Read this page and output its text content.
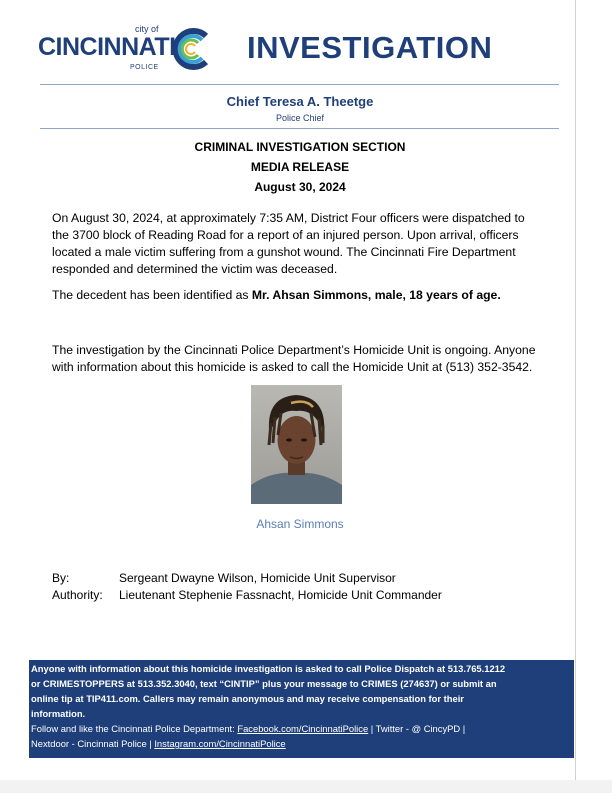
city of
CINCINNATI
POLICE
INVESTIGATION
Chief Teresa A. Theetge
Police Chief
CRIMINAL INVESTIGATION SECTION
MEDIA RELEASE
August 30, 2024

On August 30, 2024, at approximately 7:35 AM, District Four officers were dispatched to

the 3700 block of Reading Road for a report of an injured person. Upon arrival, officers

located a male victim suffering from a gunshot wound. The Cincinnati Fire Department

responded and determined the victim was deceased.

The decedent has been identified as Mr. Ahsan Simmons, male, 18 years of age.

The investigation by the Cincinnati Police Department’s Homicide Unit is ongoing. Anyone

with information about this homicide is asked to call the Homicide Unit at (513) 352-3542.

Ahsan Simmons
By:	Sergeant Dwayne Wilson, Homicide Unit Supervisor
Authority: Lieutenant Stephenie Fassnacht, Homicide Unit Commander
Anyone with information about this homicide investigation is asked to call Police Dispatch at 513.765.1212
or CRIMESTOPPERS at 513.352.3040, text “CINTIP” plus your message to CRIMES (274637) or submit an
online tip at TIP411.com. Callers may remain anonymous and may receive compensation for their
information.
Follow and like the Cincinnati Police Department: Facebook.com/CincinnatiPolice | Twitter - @ CincyPD |
Nextdoor - Cincinnati Police | Instagram.com/CincinnatiPolice
